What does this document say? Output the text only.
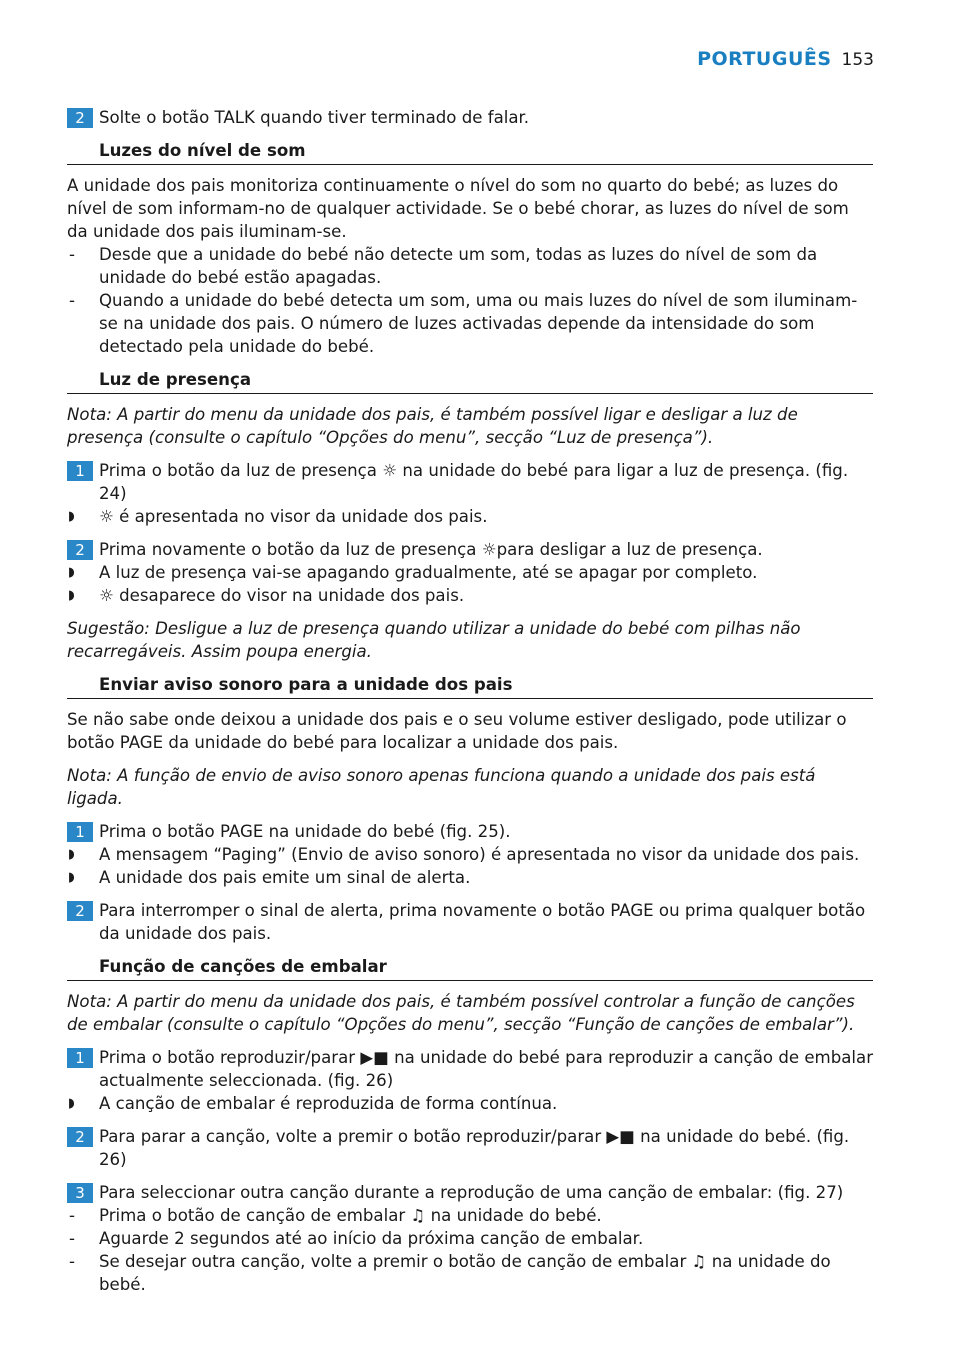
PORTUGUÊS 153
2 Solte o botão TALK quando tiver terminado de falar.
Luzes do nível de som

A unidade dos pais monitoriza continuamente o nível do som no quarto do bebé; as luzes do nível de som informam-no de qualquer actividade. Se o bebé chorar, as luzes do nível de som da unidade dos pais iluminam-se.

- Desde que a unidade do bebé não detecte um som, todas as luzes do nível de som da unidade do bebé estão apagadas.
- Quando a unidade do bebé detecta um som, uma ou mais luzes do nível de som iluminam-se na unidade dos pais. O número de luzes activadas depende da intensidade do som detectado pela unidade do bebé.
Luz de presença

Nota: A partir do menu da unidade dos pais, é também possível ligar e desligar a luz de presença (consulte o capítulo “Opções do menu”, secção “Luz de presença”).

1 Prima o botão da luz de presença ☼ na unidade do bebé para ligar a luz de presença. (fig. 24)
◗ ☼ é apresentada no visor da unidade dos pais.
2 Prima novamente o botão da luz de presença ☼para desligar a luz de presença.
◗ A luz de presença vai-se apagando gradualmente, até se apagar por completo.
◗ ☼ desaparece do visor na unidade dos pais.

Sugestão: Desligue a luz de presença quando utilizar a unidade do bebé com pilhas não recarregáveis. Assim poupa energia.

Enviar aviso sonoro para a unidade dos pais

Se não sabe onde deixou a unidade dos pais e o seu volume estiver desligado, pode utilizar o botão PAGE da unidade do bebé para localizar a unidade dos pais.

Nota: A função de envio de aviso sonoro apenas funciona quando a unidade dos pais está ligada.

1 Prima o botão PAGE na unidade do bebé (fig. 25).
◗ A mensagem “Paging” (Envio de aviso sonoro) é apresentada no visor da unidade dos pais.
◗ A unidade dos pais emite um sinal de alerta.
2 Para interromper o sinal de alerta, prima novamente o botão PAGE ou prima qualquer botão da unidade dos pais.
Função de canções de embalar

Nota: A partir do menu da unidade dos pais, é também possível controlar a função de canções de embalar (consulte o capítulo “Opções do menu”, secção “Função de canções de embalar”).

1 Prima o botão reproduzir/parar ▶■ na unidade do bebé para reproduzir a canção de embalar actualmente seleccionada. (fig. 26)
◗ A canção de embalar é reproduzida de forma contínua.
2 Para parar a canção, volte a premir o botão reproduzir/parar ▶■ na unidade do bebé. (fig. 26)
3 Para seleccionar outra canção durante a reprodução de uma canção de embalar: (fig. 27)
- Prima o botão de canção de embalar ♫ na unidade do bebé.
- Aguarde 2 segundos até ao início da próxima canção de embalar.
- Se desejar outra canção, volte a premir o botão de canção de embalar ♫ na unidade do bebé.
